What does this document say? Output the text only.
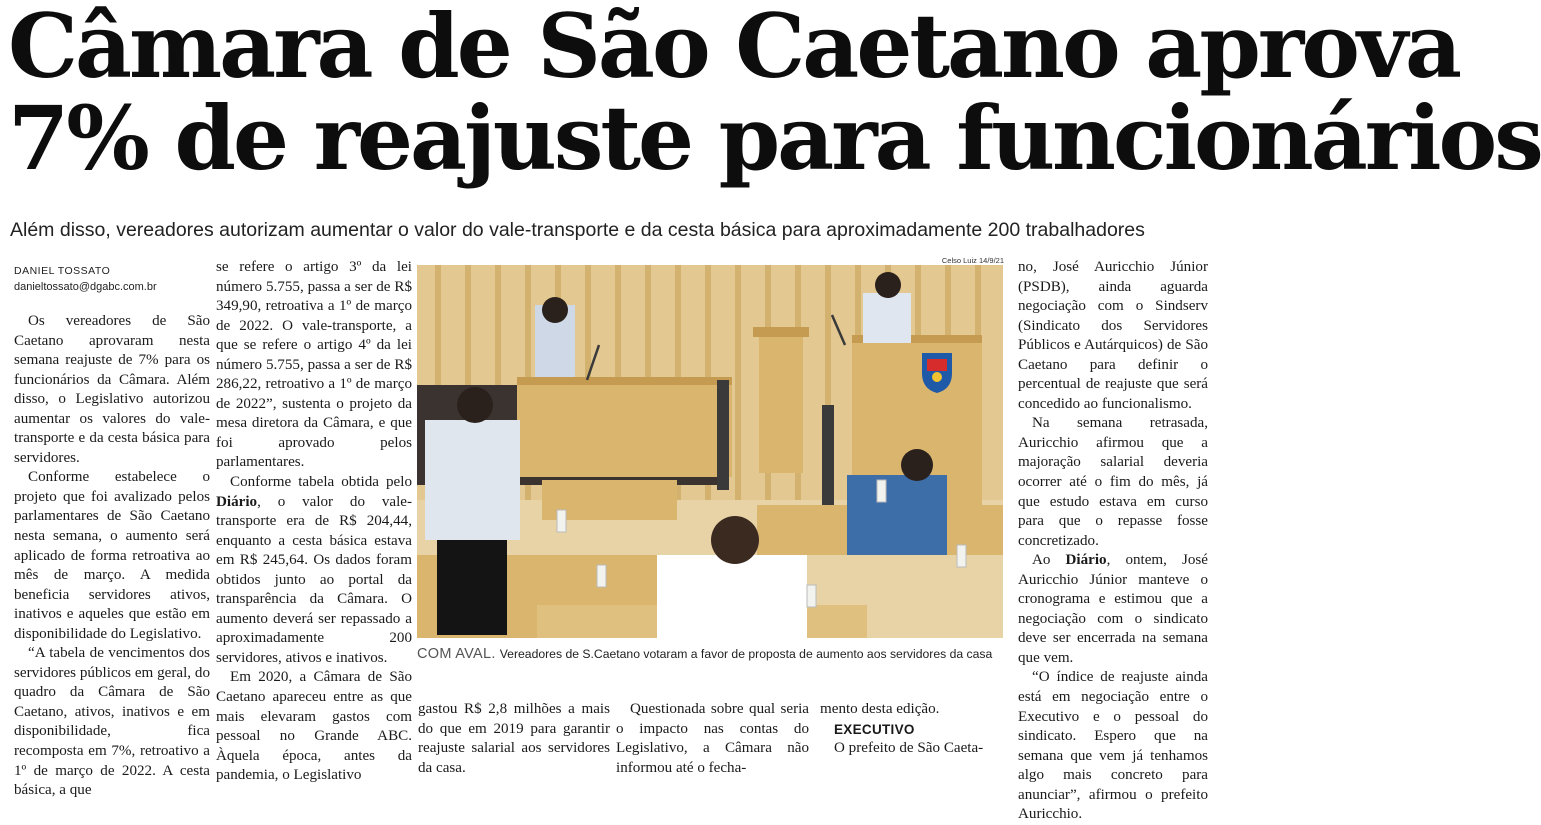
Câmara de São Caetano aprova
7% de reajuste para funcionários
Além disso, vereadores autorizam aumentar o valor do vale-transporte e da cesta básica para aproximadamente 200 trabalhadores
DANIEL TOSSATO
danieltossato@dgabc.com.br

Os vereadores de São Caetano aprovaram nesta semana reajuste de 7% para os funcionários da Câmara. Além disso, o Legislativo autorizou aumentar os valores do vale-transporte e da cesta básica para servidores.

Conforme estabelece o projeto que foi avalizado pelos parlamentares de São Caetano nesta semana, o aumento será aplicado de forma retroativa ao mês de março. A medida beneficia servidores ativos, inativos e aqueles que estão em disponibilidade do Legislativo.

“A tabela de vencimentos dos servidores públicos em geral, do quadro da Câmara de São Caetano, ativos, inativos e em disponibilidade, fica recomposta em 7%, retroativo a 1º de março de 2022. A cesta básica, a que

se refere o artigo 3º da lei número 5.755, passa a ser de R$ 349,90, retroativa a 1º de março de 2022. O vale-transporte, a que se refere o artigo 4º da lei número 5.755, passa a ser de R$ 286,22, retroativo a 1º de março de 2022”, sustenta o projeto da mesa diretora da Câmara, e que foi aprovado pelos parlamentares.

Conforme tabela obtida pelo Diário, o valor do vale-transporte era de R$ 204,44, enquanto a cesta básica estava em R$ 245,64. Os dados foram obtidos junto ao portal da transparência da Câmara. O aumento deverá ser repassado a aproximadamente 200 servidores, ativos e inativos.

Em 2020, a Câmara de São Caetano apareceu entre as que mais elevaram gastos com pessoal no Grande ABC. Àquela época, antes da pandemia, o Legislativo

Celso Luiz 14/9/21
COM AVAL. Vereadores de S.Caetano votaram a favor de proposta de aumento aos servidores da casa

gastou R$ 2,8 milhões a mais do que em 2019 para garantir reajuste salarial aos servidores da casa.

Questionada sobre qual seria o impacto nas contas do Legislativo, a Câmara não informou até o fecha-

mento desta edição.

EXECUTIVO

O prefeito de São Caeta-

no, José Auricchio Júnior (PSDB), ainda aguarda negociação com o Sindserv (Sindicato dos Servidores Públicos e Autárquicos) de São Caetano para definir o percentual de reajuste que será concedido ao funcionalismo.

Na semana retrasada, Auricchio afirmou que a majoração salarial deveria ocorrer até o fim do mês, já que estudo estava em curso para que o repasse fosse concretizado.

Ao Diário, ontem, José Auricchio Júnior manteve o cronograma e estimou que a negociação com o sindicato deve ser encerrada na semana que vem.

“O índice de reajuste ainda está em negociação entre o Executivo e o pessoal do sindicato. Espero que na semana que vem já tenhamos algo mais concreto para anunciar”, afirmou o prefeito Auricchio.
